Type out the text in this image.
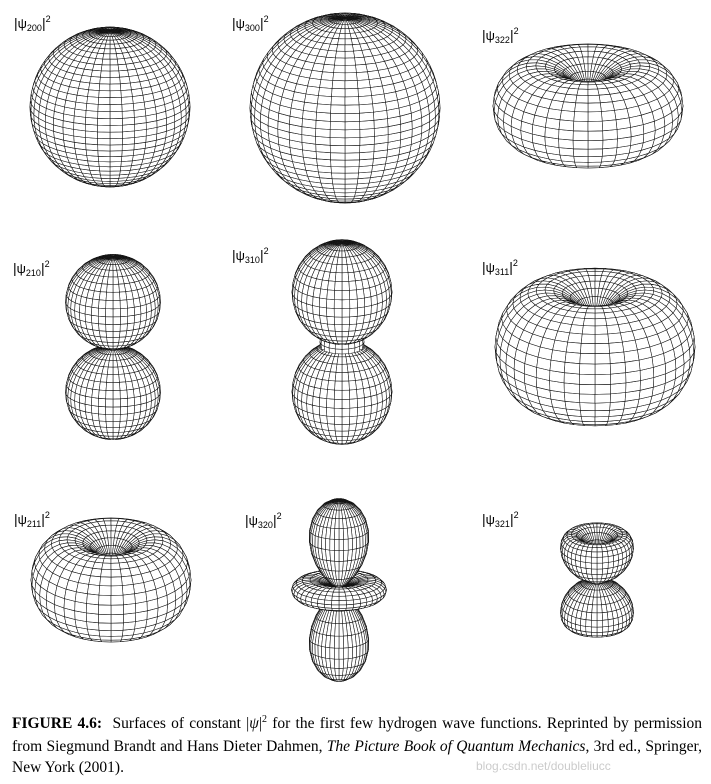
$|\psi_{200}|^2$	$|\psi_{300}|^2$
$|\psi_{322}|^2$
$|\psi_{210}|^2$
$|\psi_{310}|^2$
$|\psi_{311}|^2$
$|\psi_{211}|^2$	$|\psi_{320}|^2$	$|\psi_{321}|^2$
FIGURE 4.6: Surfaces of constant $|\psi|^2$ for the first few hydrogen wave functions. Reprinted by permission from Siegmund Brandt and Hans Dieter Dahmen, The Picture Book of Quantum Mechanics, 3rd ed., Springer, New York (2001).	blog.csdn.net/doubleliucc
